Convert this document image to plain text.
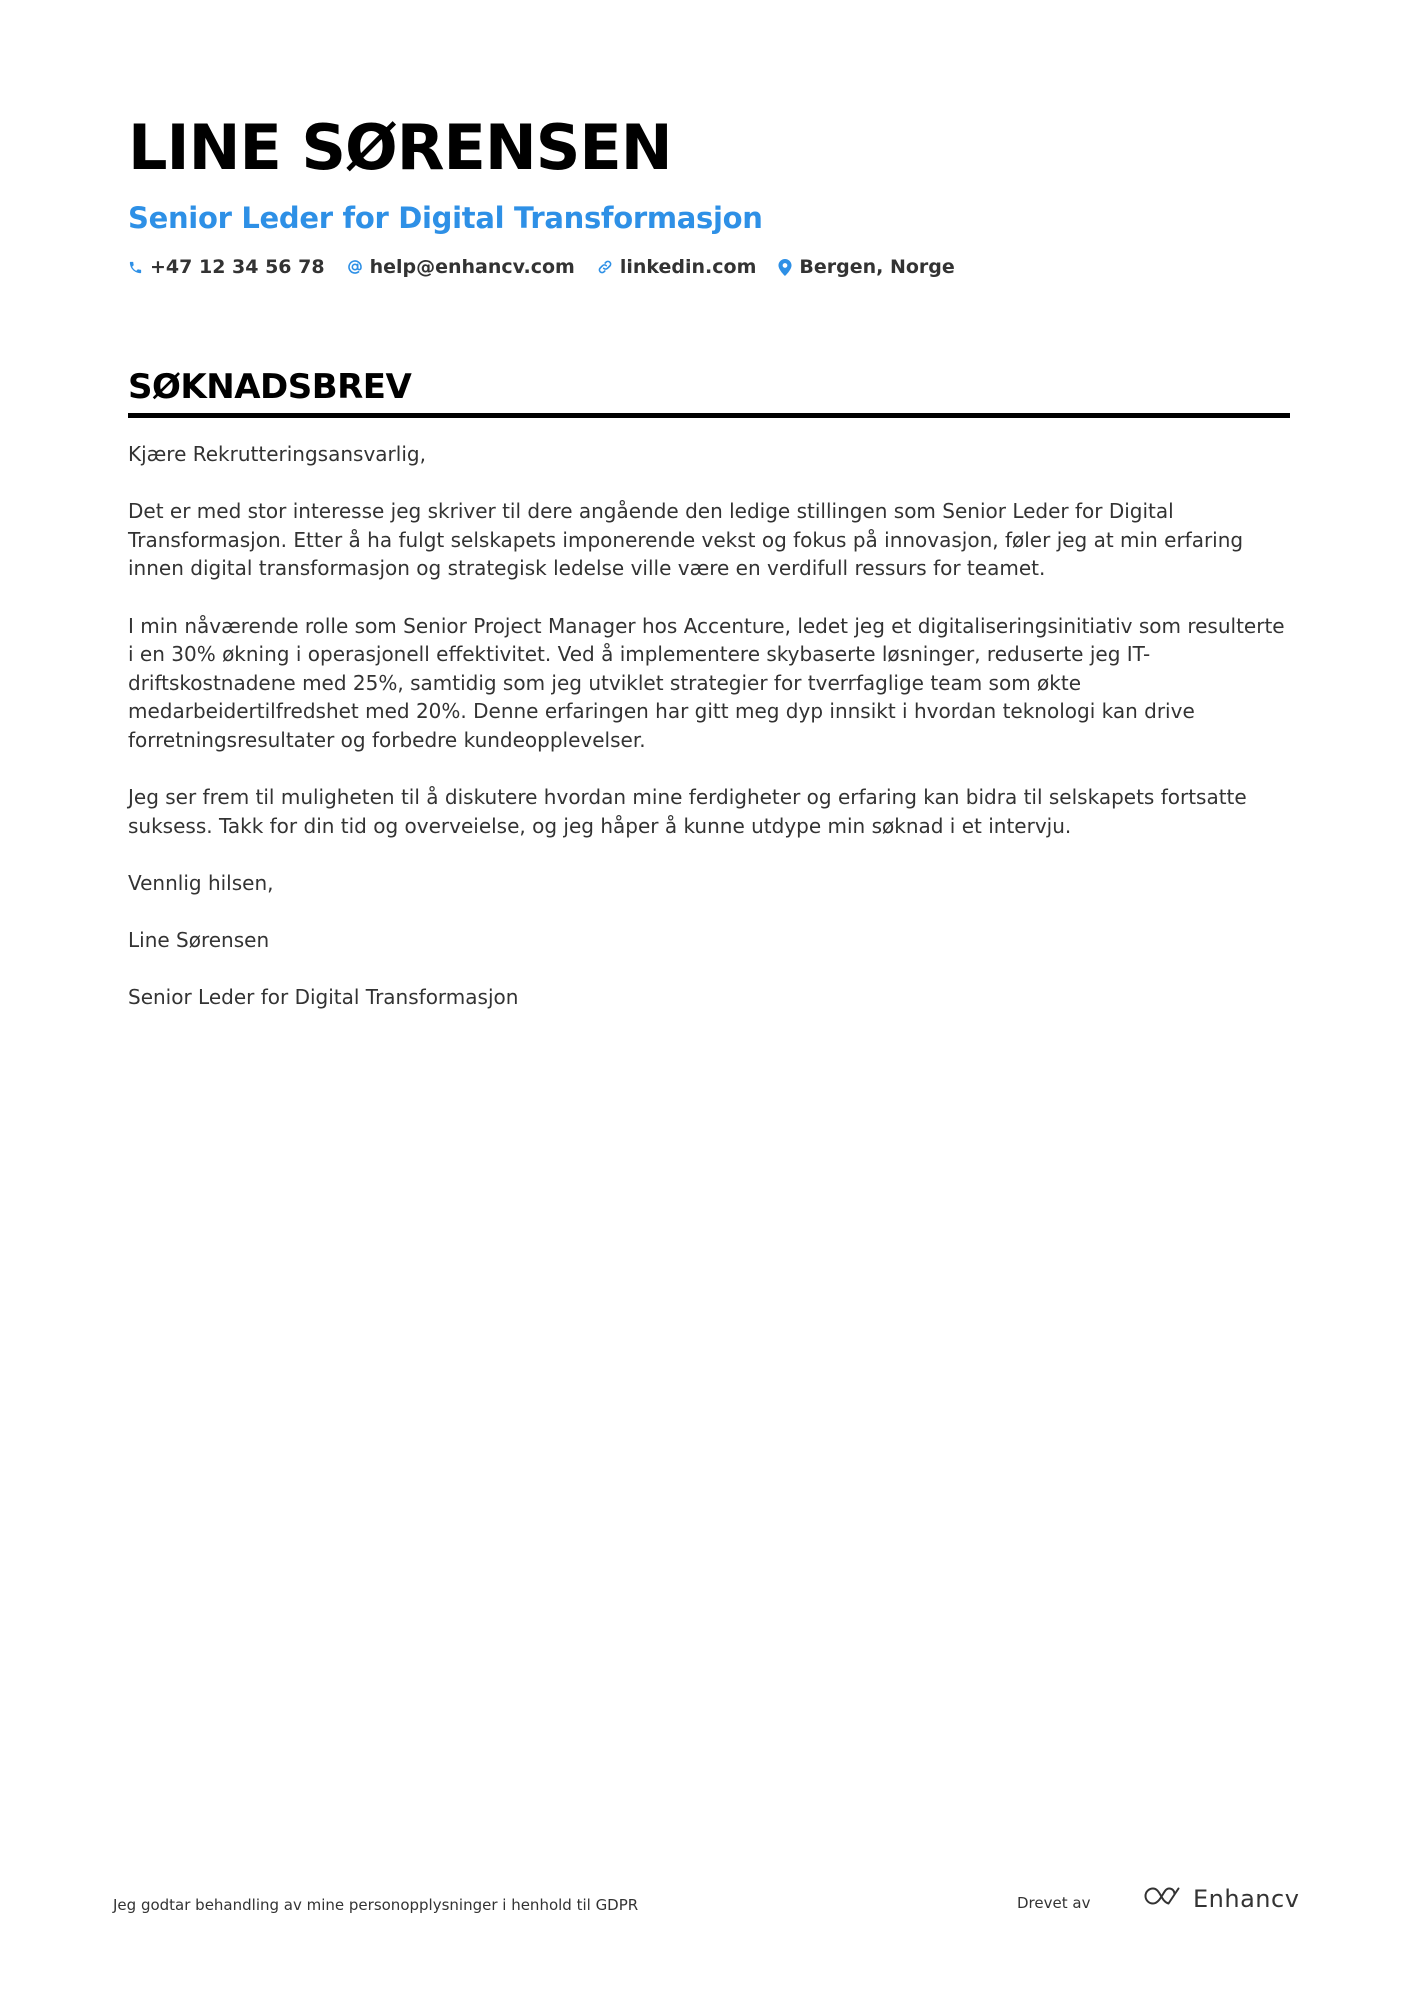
LINE SØRENSEN
Senior Leder for Digital Transformasjon
+47 12 34 56 78 help@enhancv.com linkedin.com Bergen, Norge
SØKNADSBREV

Kjære Rekrutteringsansvarlig,

Det er med stor interesse jeg skriver til dere angående den ledige stillingen som Senior Leder for Digital Transformasjon. Etter å ha fulgt selskapets imponerende vekst og fokus på innovasjon, føler jeg at min erfaring innen digital transformasjon og strategisk ledelse ville være en verdifull ressurs for teamet.

I min nåværende rolle som Senior Project Manager hos Accenture, ledet jeg et digitaliseringsinitiativ som resulterte i en 30% økning i operasjonell effektivitet. Ved å implementere skybaserte løsninger, reduserte jeg IT-driftskostnadene med 25%, samtidig som jeg utviklet strategier for tverrfaglige team som økte medarbeidertilfredshet med 20%. Denne erfaringen har gitt meg dyp innsikt i hvordan teknologi kan drive forretningsresultater og forbedre kundeopplevelser.

Jeg ser frem til muligheten til å diskutere hvordan mine ferdigheter og erfaring kan bidra til selskapets fortsatte suksess. Takk for din tid og overveielse, og jeg håper å kunne utdype min søknad i et intervju.

Vennlig hilsen,

Line Sørensen

Senior Leder for Digital Transformasjon

Jeg godtar behandling av mine personopplysninger i henhold til GDPR	Drevet av	Enhancv
